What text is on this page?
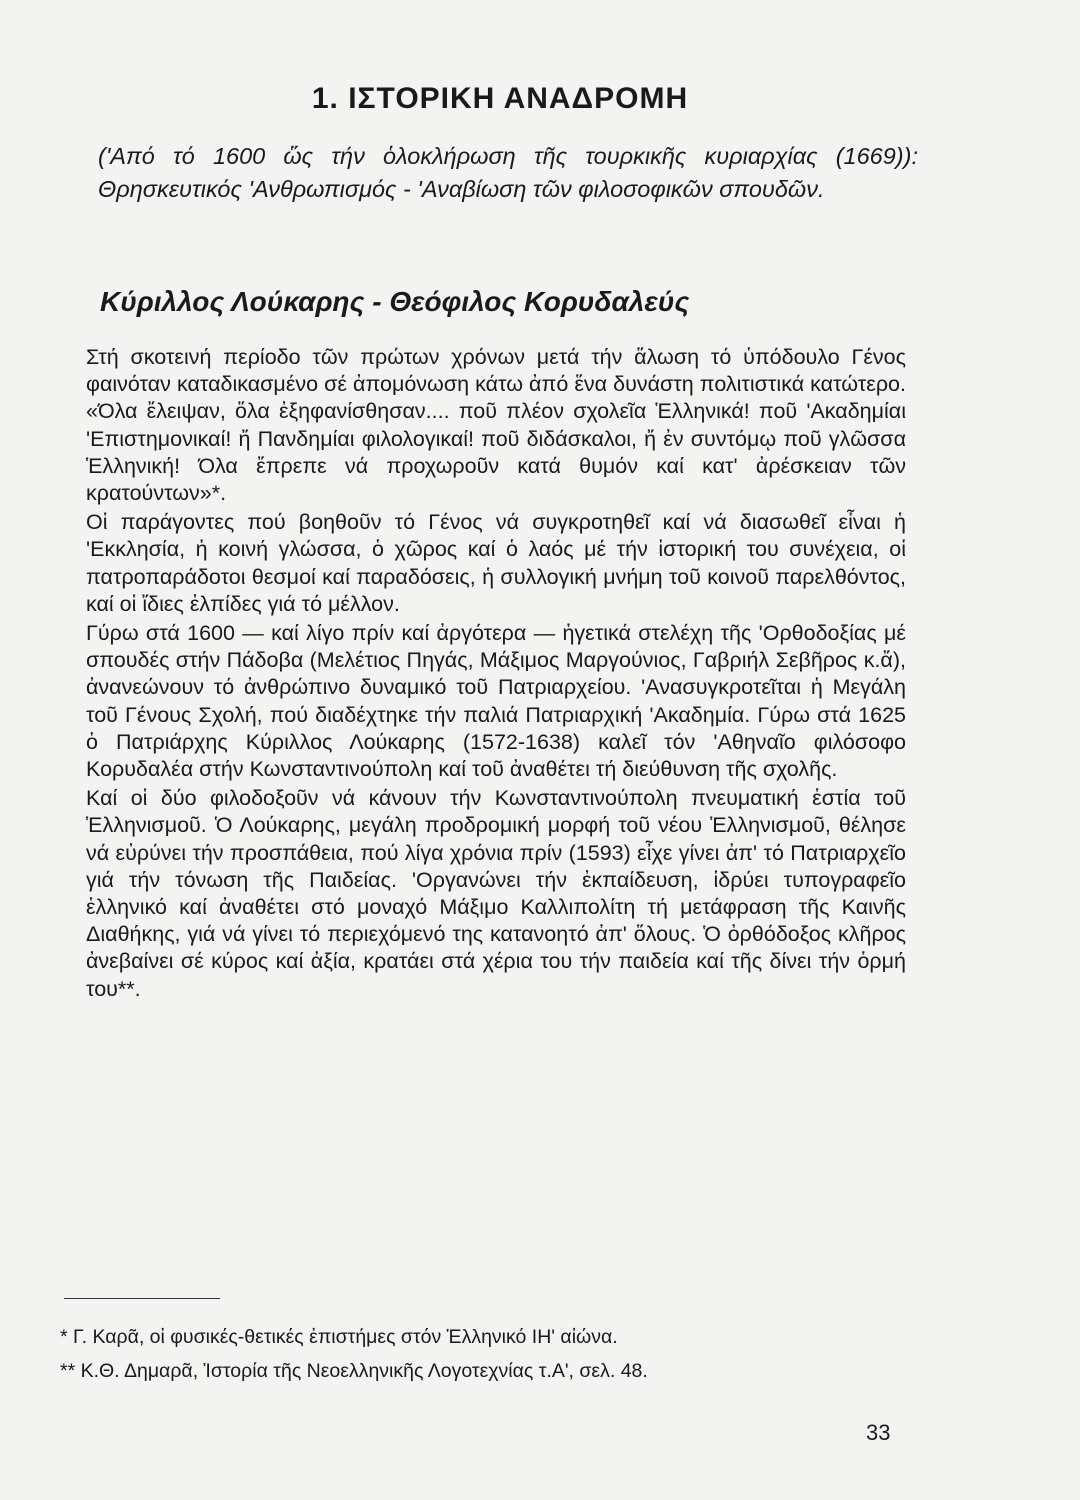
1. ΙΣΤΟΡΙΚΗ ΑΝΑΔΡΟΜΗ
('Από τό 1600 ὥς τήν ὁλοκλήρωση τῆς τουρκικῆς κυριαρχίας (1669)): Θρησκευτικός 'Ανθρωπισμός - 'Αναβίωση τῶν φιλοσοφικῶν σπουδῶν.
Κύριλλος Λούκαρης - Θεόφιλος Κορυδαλεύς

Στή σκοτεινή περίοδο τῶν πρώτων χρόνων μετά τήν ἅλωση τό ὑπόδουλο Γένος φαινόταν καταδικασμένο σέ ἀπομόνωση κάτω ἀπό ἕνα δυνάστη πολιτιστικά κατώτερο. «Όλα ἔλειψαν, ὅλα ἐξηφανίσθησαν.... ποῦ πλέον σχολεῖα Ἑλληνικά! ποῦ 'Ακαδημίαι 'Επιστημονικαί! ἤ Πανδημίαι φιλολογικαί! ποῦ διδάσκαλοι, ἤ ἐν συντόμῳ ποῦ γλῶσσα Ἑλληνική! Όλα ἔπρεπε νά προχωροῦν κατά θυμόν καί κατ' ἀρέσκειαν τῶν κρατούντων»*.

Οἱ παράγοντες πού βοηθοῦν τό Γένος νά συγκροτηθεῖ καί νά διασωθεῖ εἶναι ἡ 'Εκκλησία, ἡ κοινή γλώσσα, ὁ χῶρος καί ὁ λαός μέ τήν ἱστορική του συνέχεια, οἱ πατροπαράδοτοι θεσμοί καί παραδόσεις, ἡ συλλογική μνήμη τοῦ κοινοῦ παρελθόντος, καί οἱ ἴδιες ἐλπίδες γιά τό μέλλον.

Γύρω στά 1600 — καί λίγο πρίν καί ἀργότερα — ἡγετικά στελέχη τῆς 'Ορθοδοξίας μέ σπουδές στήν Πάδοβα (Μελέτιος Πηγάς, Μάξιμος Μαργούνιος, Γαβριήλ Σεβῆρος κ.ἄ), ἀνανεώνουν τό ἀνθρώπινο δυναμικό τοῦ Πατριαρχείου. 'Ανασυγκροτεῖται ἡ Μεγάλη τοῦ Γένους Σχολή, πού διαδέχτηκε τήν παλιά Πατριαρχική 'Ακαδημία. Γύρω στά 1625 ὁ Πατριάρχης Κύριλλος Λούκαρης (1572-1638) καλεῖ τόν 'Αθηναῖο φιλόσοφο Κορυδαλέα στήν Κωνσταντινούπολη καί τοῦ ἀναθέτει τή διεύθυνση τῆς σχολῆς.

Καί οἱ δύο φιλοδοξοῦν νά κάνουν τήν Κωνσταντινούπολη πνευματική ἑστία τοῦ Ἑλληνισμοῦ. Ὁ Λούκαρης, μεγάλη προδρομική μορφή τοῦ νέου Ἑλληνισμοῦ, θέλησε νά εὐρύνει τήν προσπάθεια, πού λίγα χρόνια πρίν (1593) εἶχε γίνει ἀπ' τό Πατριαρχεῖο γιά τήν τόνωση τῆς Παιδείας. 'Οργανώνει τήν ἐκπαίδευση, ἱδρύει τυπογραφεῖο ἑλληνικό καί ἀναθέτει στό μοναχό Μάξιμο Καλλιπολίτη τή μετάφραση τῆς Καινῆς Διαθήκης, γιά νά γίνει τό περιεχόμενό της κατανοητό ἀπ' ὅλους. Ὁ ὀρθόδοξος κλῆρος ἀνεβαίνει σέ κύρος καί ἀξία, κρατάει στά χέρια του τήν παιδεία καί τῆς δίνει τήν ὁρμή του**.

* Γ. Καρᾶ, οἱ φυσικές-θετικές ἐπιστήμες στόν Ἑλληνικό ΙΗ' αἰώνα.
** Κ.Θ. Δημαρᾶ, Ἱστορία τῆς Νεοελληνικῆς Λογοτεχνίας τ.Α', σελ. 48.
33
